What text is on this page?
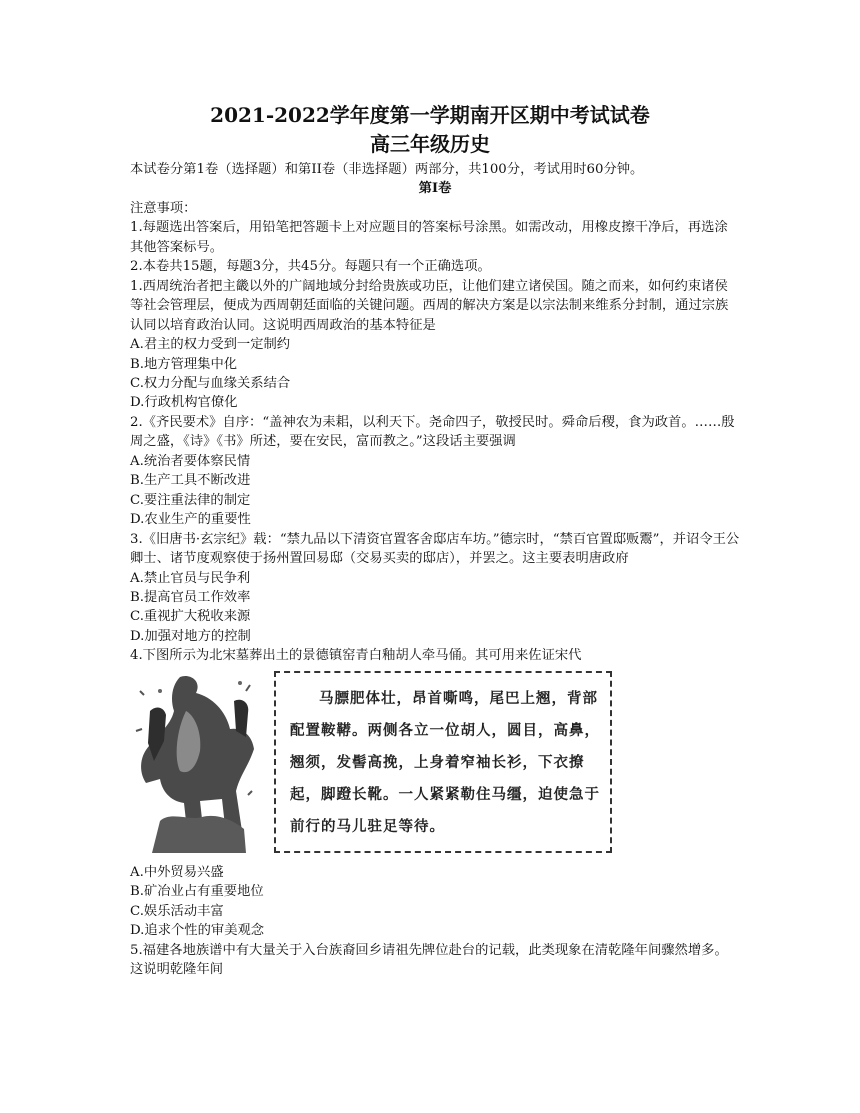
2021-2022学年度第一学期南开区期中考试试卷
高三年级历史

本试卷分第1卷（选择题）和第II卷（非选择题）两部分，共100分，考试用时60分钟。

第I卷

注意事项：

1.每题选出答案后，用铅笔把答题卡上对应题目的答案标号涂黑。如需改动，用橡皮擦干净后，再选涂其他答案标号。

2.本卷共15题，每题3分，共45分。每题只有一个正确选项。

1.西周统治者把主畿以外的广阔地域分封给贵族或功臣，让他们建立诸侯国。随之而来，如何约束诸侯等社会管理层，便成为西周朝廷面临的关键问题。西周的解决方案是以宗法制来维系分封制，通过宗族认同以培育政治认同。这说明西周政治的基本特征是

A.君主的权力受到一定制约

B.地方管理集中化

C.权力分配与血缘关系结合

D.行政机构官僚化

2.《齐民要术》自序：“盖神农为耒耜，以利天下。尧命四子，敬授民时。舜命后稷，食为政首。……殷周之盛，《诗》《书》所述，要在安民，富而教之。”这段话主要强调

A.统治者要体察民情

B.生产工具不断改进

C.要注重法律的制定

D.农业生产的重要性

3.《旧唐书·玄宗纪》载：“禁九品以下清资官置客舍邸店车坊。”德宗时，“禁百官置邸贩鬻”，并诏令王公卿士、诸节度观察使于扬州置回易邸（交易买卖的邸店），并罢之。这主要表明唐政府

A.禁止官员与民争利

B.提高官员工作效率

C.重视扩大税收来源

D.加强对地方的控制

4.下图所示为北宋墓葬出土的景德镇窑青白釉胡人牵马俑。其可用来佐证宋代

马膘肥体壮，昂首嘶鸣，尾巴上翘，背部配置鞍鞯。两侧各立一位胡人，圆目，高鼻，翘须，发髻高挽，上身着窄袖长衫，下衣撩起，脚蹬长靴。一人紧紧勒住马缰，迫使急于前行的马儿驻足等待。

A.中外贸易兴盛

B.矿冶业占有重要地位

C.娱乐活动丰富

D.追求个性的审美观念

5.福建各地族谱中有大量关于入台族裔回乡请祖先牌位赴台的记载，此类现象在清乾隆年间骤然增多。这说明乾隆年间
